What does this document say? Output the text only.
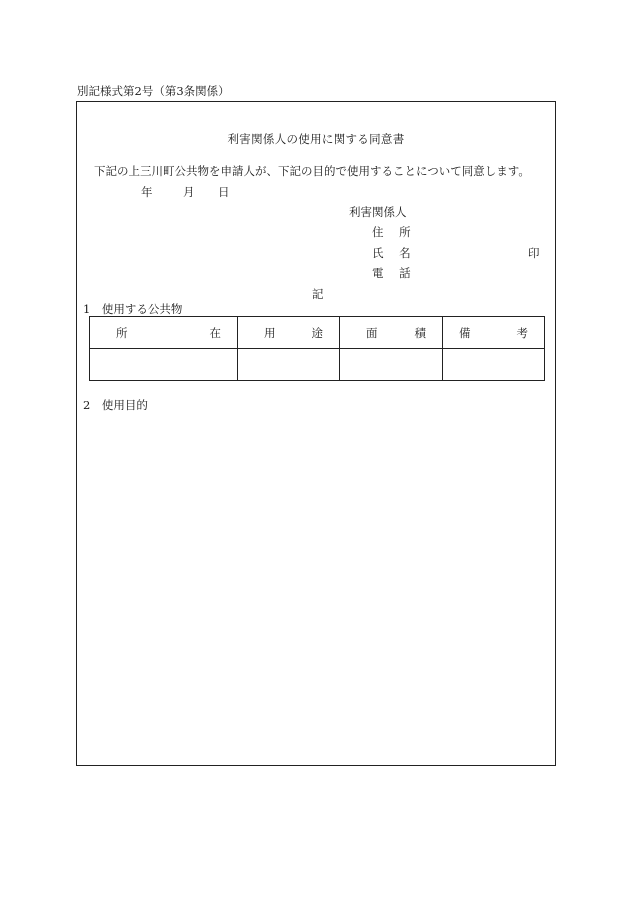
別記様式第2号（第3条関係）
利害関係人の使用に関する同意書
下記の上三川町公共物を申請人が、下記の目的で使用することについて同意します。
年	月 日
利害関係人
住 所
氏 名
電 話
印
記
1　使用する公共物
所 在	用 途	面 積	備 考

2　使用目的
